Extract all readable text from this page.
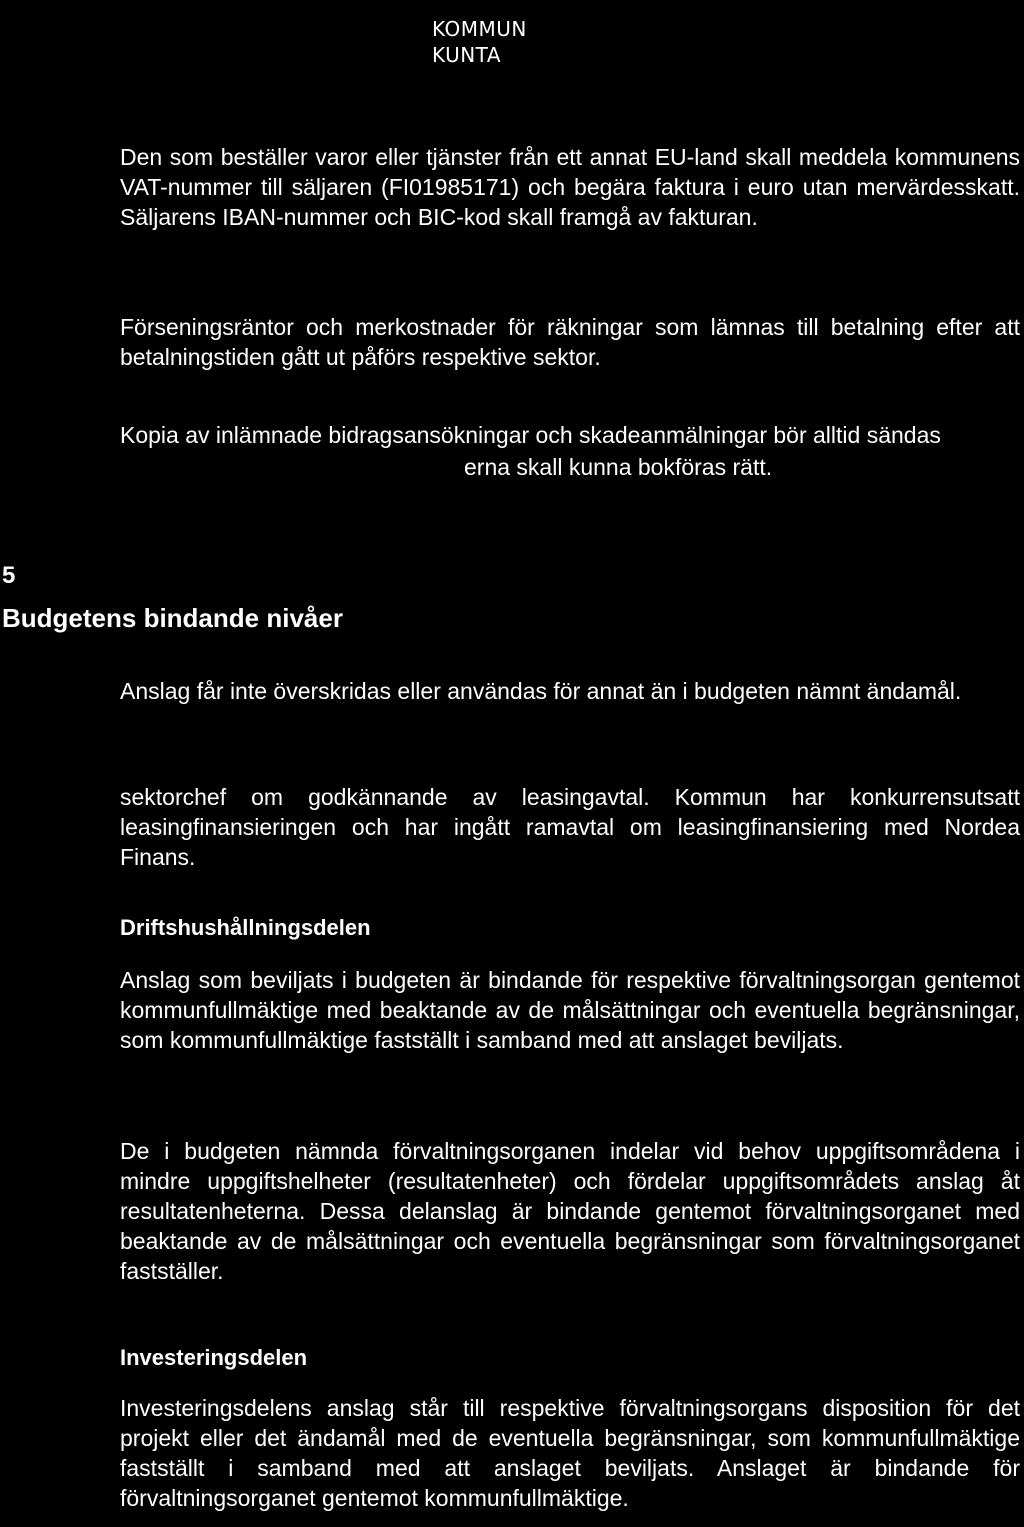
KOMMUN
KUNTA

Den som beställer varor eller tjänster från ett annat EU-land skall meddela kommunens VAT-nummer till säljaren (FI01985171) och begära faktura i euro utan mervärdesskatt. Säljarens IBAN-nummer och BIC-kod skall framgå av fakturan.

Förseningsräntor och merkostnader för räkningar som lämnas till betalning efter att betalningstiden gått ut påförs respektive sektor.

Kopia av inlämnade bidragsansökningar och skadeanmälningar bör alltid sändas

erna skall kunna bokföras rätt.
5
Budgetens bindande nivåer

Anslag får inte överskridas eller användas för annat än i budgeten nämnt ändamål.

sektorchef om godkännande av leasingavtal. Kommun har konkurrensutsatt leasingfinansieringen och har ingått ramavtal om leasingfinansiering med Nordea Finans.

Driftshushållningsdelen

Anslag som beviljats i budgeten är bindande för respektive förvaltningsorgan gentemot kommunfullmäktige med beaktande av de målsättningar och eventuella begränsningar, som kommunfullmäktige fastställt i samband med att anslaget beviljats.

De i budgeten nämnda förvaltningsorganen indelar vid behov uppgiftsområdena i mindre uppgiftshelheter (resultatenheter) och fördelar uppgiftsområdets anslag åt resultatenheterna. Dessa delanslag är bindande gentemot förvaltningsorganet med beaktande av de målsättningar och eventuella begränsningar som förvaltningsorganet fastställer.

Investeringsdelen

Investeringsdelens anslag står till respektive förvaltningsorgans disposition för det projekt eller det ändamål med de eventuella begränsningar, som kommunfullmäktige fastställt i samband med att anslaget beviljats. Anslaget är bindande för förvaltningsorganet gentemot kommunfullmäktige.
